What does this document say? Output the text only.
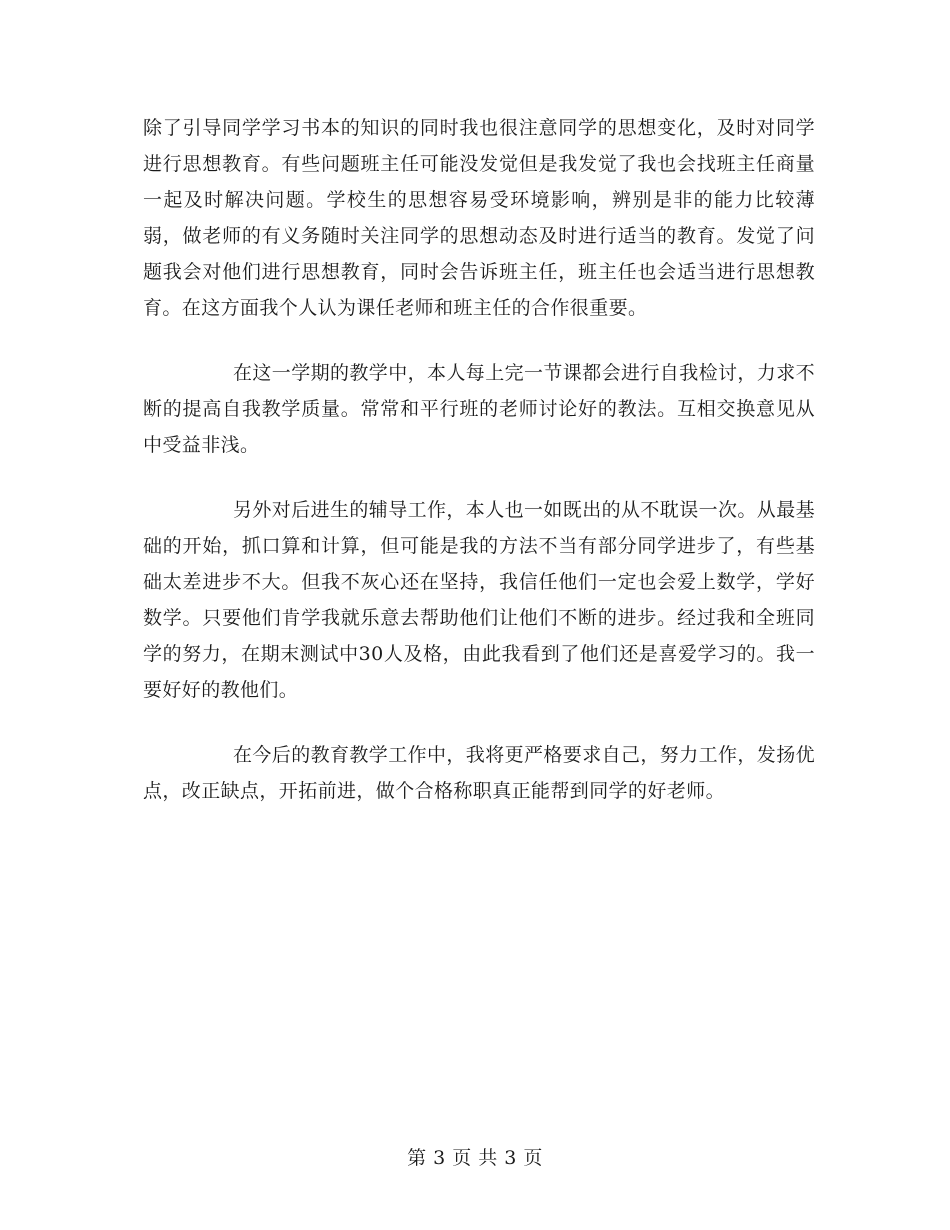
除了引导同学学习书本的知识的同时我也很注意同学的思想变化，及时对同学进行思想教育。有些问题班主任可能没发觉但是我发觉了我也会找班主任商量一起及时解决问题。学校生的思想容易受环境影响，辨别是非的能力比较薄弱，做老师的有义务随时关注同学的思想动态及时进行适当的教育。发觉了问题我会对他们进行思想教育，同时会告诉班主任，班主任也会适当进行思想教育。在这方面我个人认为课任老师和班主任的合作很重要。

在这一学期的教学中，本人每上完一节课都会进行自我检讨，力求不断的提高自我教学质量。常常和平行班的老师讨论好的教法。互相交换意见从中受益非浅。

另外对后进生的辅导工作，本人也一如既出的从不耽误一次。从最基础的开始，抓口算和计算，但可能是我的方法不当有部分同学进步了，有些基础太差进步不大。但我不灰心还在坚持，我信任他们一定也会爱上数学，学好数学。只要他们肯学我就乐意去帮助他们让他们不断的进步。经过我和全班同学的努力，在期末测试中30人及格，由此我看到了他们还是喜爱学习的。我一要好好的教他们。

在今后的教育教学工作中，我将更严格要求自己，努力工作，发扬优点，改正缺点，开拓前进，做个合格称职真正能帮到同学的好老师。

第 3 页 共 3 页
